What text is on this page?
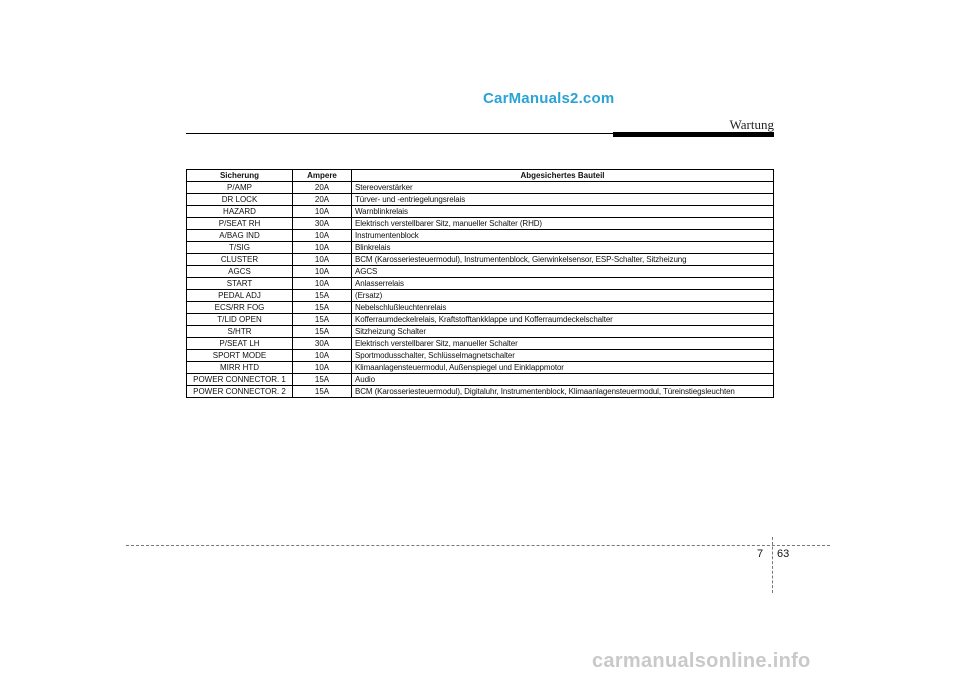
CarManuals2.com
Wartung
Sicherung	Ampere	Abgesichertes Bauteil
P/AMP	20A	Stereoverstärker
DR LOCK	20A	Türver- und -entriegelungsrelais
HAZARD	10A	Warnblinkrelais
P/SEAT RH	30A	Elektrisch verstellbarer Sitz, manueller Schalter (RHD)
A/BAG IND	10A	Instrumentenblock
T/SIG	10A	Blinkrelais
CLUSTER	10A	BCM (Karosseriesteuermodul), Instrumentenblock, Gierwinkelsensor, ESP-Schalter, Sitzheizung
AGCS	10A	AGCS
START	10A	Anlasserrelais
PEDAL ADJ	15A	(Ersatz)
ECS/RR FOG	15A	Nebelschlußleuchtenrelais
T/LID OPEN	15A	Kofferraumdeckelrelais, Kraftstofftankklappe und Kofferraumdeckelschalter
S/HTR	15A	Sitzheizung Schalter
P/SEAT LH	30A	Elektrisch verstellbarer Sitz, manueller Schalter
SPORT MODE	10A	Sportmodusschalter, Schlüsselmagnetschalter
MIRR HTD	10A	Klimaanlagensteuermodul, Außenspiegel und Einklappmotor
POWER CONNECTOR. 1	15A	Audio
POWER CONNECTOR. 2	15A	BCM (Karosseriesteuermodul), Digitaluhr, Instrumentenblock, Klimaanlagensteuermodul, Türeinstiegsleuchten
7 63
carmanualsonline.info
